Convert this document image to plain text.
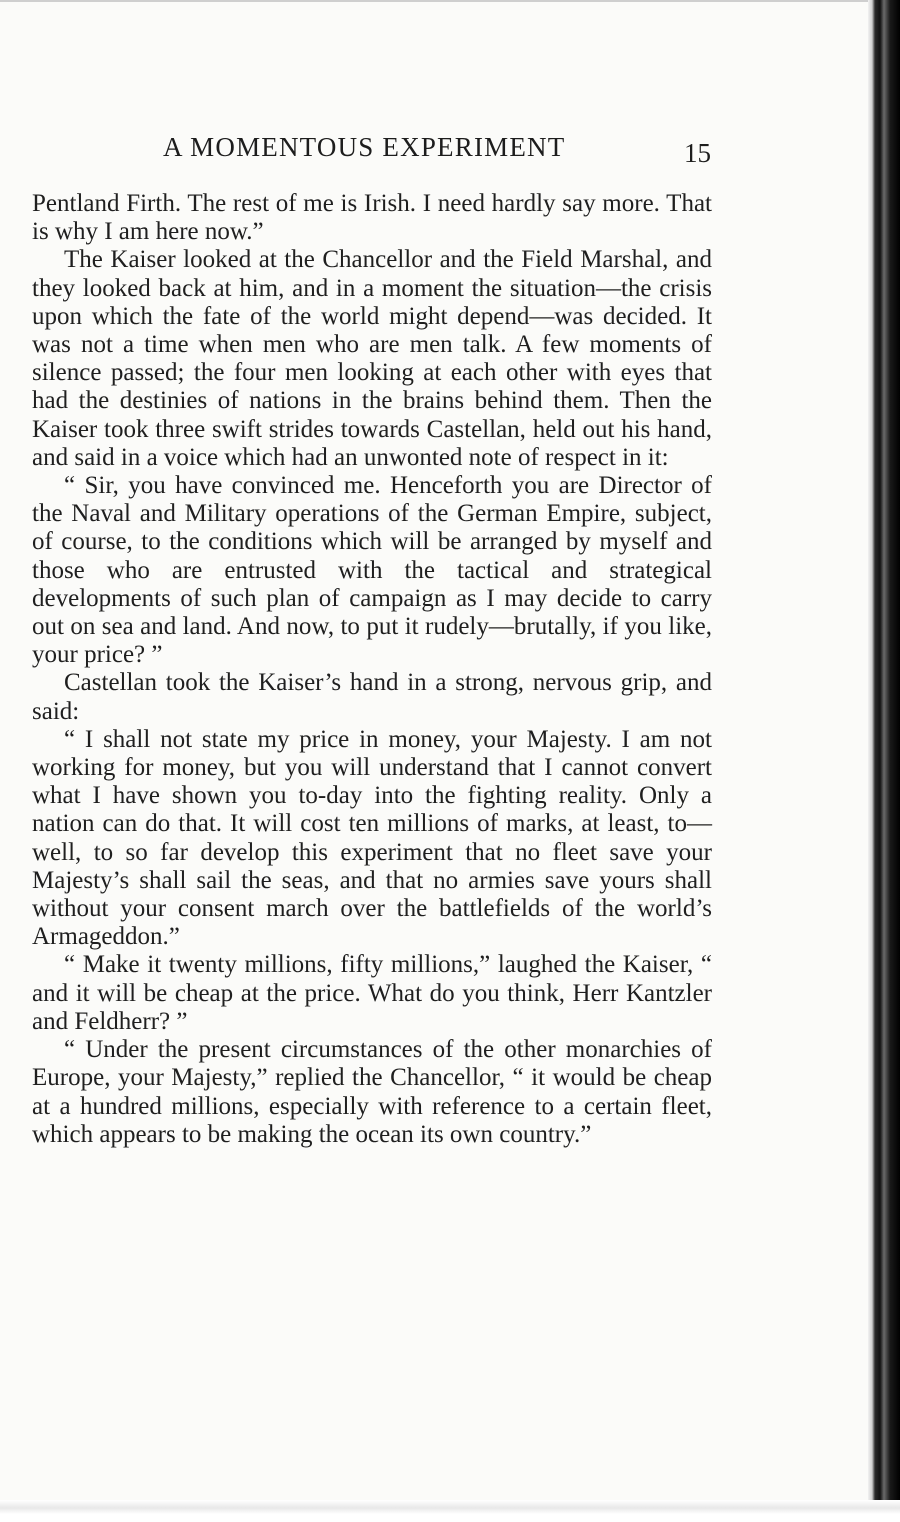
A MOMENTOUS EXPERIMENT	15

Pentland Firth. The rest of me is Irish. I need hardly say more. That is why I am here now.”

The Kaiser looked at the Chancellor and the Field Marshal, and they looked back at him, and in a moment the situation—the crisis upon which the fate of the world might depend—was decided. It was not a time when men who are men talk. A few moments of silence passed; the four men looking at each other with eyes that had the destinies of nations in the brains behind them. Then the Kaiser took three swift strides towards Castellan, held out his hand, and said in a voice which had an unwonted note of respect in it:

“ Sir, you have convinced me. Henceforth you are Director of the Naval and Military operations of the German Empire, subject, of course, to the conditions which will be arranged by myself and those who are entrusted with the tactical and strategical developments of such plan of campaign as I may decide to carry out on sea and land. And now, to put it rudely—brutally, if you like, your price? ”

Castellan took the Kaiser’s hand in a strong, nervous grip, and said:

“ I shall not state my price in money, your Majesty. I am not working for money, but you will understand that I cannot convert what I have shown you to-day into the fighting reality. Only a nation can do that. It will cost ten millions of marks, at least, to—well, to so far develop this experiment that no fleet save your Majesty’s shall sail the seas, and that no armies save yours shall without your consent march over the battlefields of the world’s Armageddon.”

“ Make it twenty millions, fifty millions,” laughed the Kaiser, “ and it will be cheap at the price. What do you think, Herr Kantzler and Feldherr? ”

“ Under the present circumstances of the other monarchies of Europe, your Majesty,” replied the Chancellor, “ it would be cheap at a hundred millions, especially with reference to a certain fleet, which appears to be making the ocean its own country.”
